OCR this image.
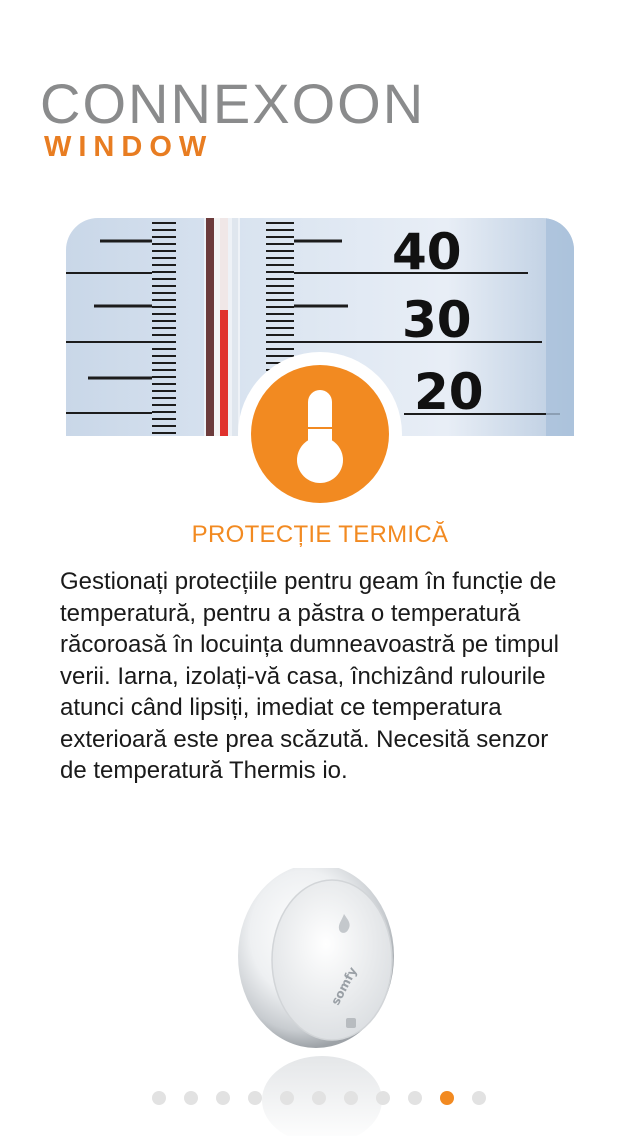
CONNEXOON
WINDOW
40
30
20
PROTECȚIE TERMICĂ
Gestionați protecțiile pentru geam în funcție de temperatură, pentru a păstra o temperatură răcoroasă în locuința dumneavoastră pe timpul verii. Iarna, izolați-vă casa, închizând rulourile atunci când lipsiți, imediat ce temperatura exterioară este prea scăzută. Necesită senzor de temperatură Thermis io.
somfy
